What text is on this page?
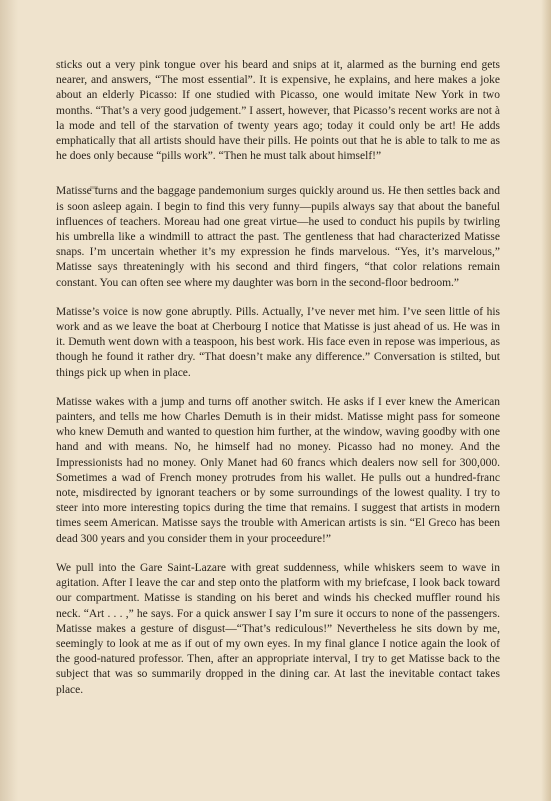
sticks out a very pink tongue over his beard and snips at it, alarmed as the burning end gets nearer, and answers, “The most essential”. It is expensive, he explains, and here makes a joke about an elderly Picasso: If one studied with Picasso, one would imitate New York in two months. “That’s a very good judgement.” I assert, however, that Picasso’s recent works are not à la mode and tell of the starvation of twenty years ago; today it could only be art! He adds emphatically that all artists should have their pills. He points out that he is able to talk to me as he does only because “pills work”. “Then he must talk about himself!”

Matisse turns and the baggage pandemonium surges quickly around us. He then settles back and is soon asleep again. I begin to find this very funny—pupils always say that about the baneful influences of teachers. Moreau had one great virtue—he used to conduct his pupils by twirling his umbrella like a windmill to attract the past. The gentleness that had characterized Matisse snaps. I’m uncertain whether it’s my expression he finds marvelous. “Yes, it’s marvelous,” Matisse says threateningly with his second and third fingers, “that color relations remain constant. You can often see where my daughter was born in the second-floor bedroom.”

Matisse’s voice is now gone abruptly. Pills. Actually, I’ve never met him. I’ve seen little of his work and as we leave the boat at Cherbourg I notice that Matisse is just ahead of us. He was in it. Demuth went down with a teaspoon, his best work. His face even in repose was imperious, as though he found it rather dry. “That doesn’t make any difference.” Conversation is stilted, but things pick up when in place.

Matisse wakes with a jump and turns off another switch. He asks if I ever knew the American painters, and tells me how Charles Demuth is in their midst. Matisse might pass for someone who knew Demuth and wanted to question him further, at the window, waving goodby with one hand and with means. No, he himself had no money. Picasso had no money. And the Impressionists had no money. Only Manet had 60 francs which dealers now sell for 300,000. Sometimes a wad of French money protrudes from his wallet. He pulls out a hundred-franc note, misdirected by ignorant teachers or by some surroundings of the lowest quality. I try to steer into more interesting topics during the time that remains. I suggest that artists in modern times seem American. Matisse says the trouble with American artists is sin. “El Greco has been dead 300 years and you consider them in your proceedure!”

We pull into the Gare Saint-Lazare with great suddenness, while whiskers seem to wave in agitation. After I leave the car and step onto the platform with my briefcase, I look back toward our compartment. Matisse is standing on his beret and winds his checked muffler round his neck. “Art . . . ,” he says. For a quick answer I say I’m sure it occurs to none of the passengers. Matisse makes a gesture of disgust—“That’s rediculous!” Nevertheless he sits down by me, seemingly to look at me as if out of my own eyes. In my final glance I notice again the look of the good-natured professor. Then, after an appropriate interval, I try to get Matisse back to the subject that was so summarily dropped in the dining car. At last the inevitable contact takes place.
